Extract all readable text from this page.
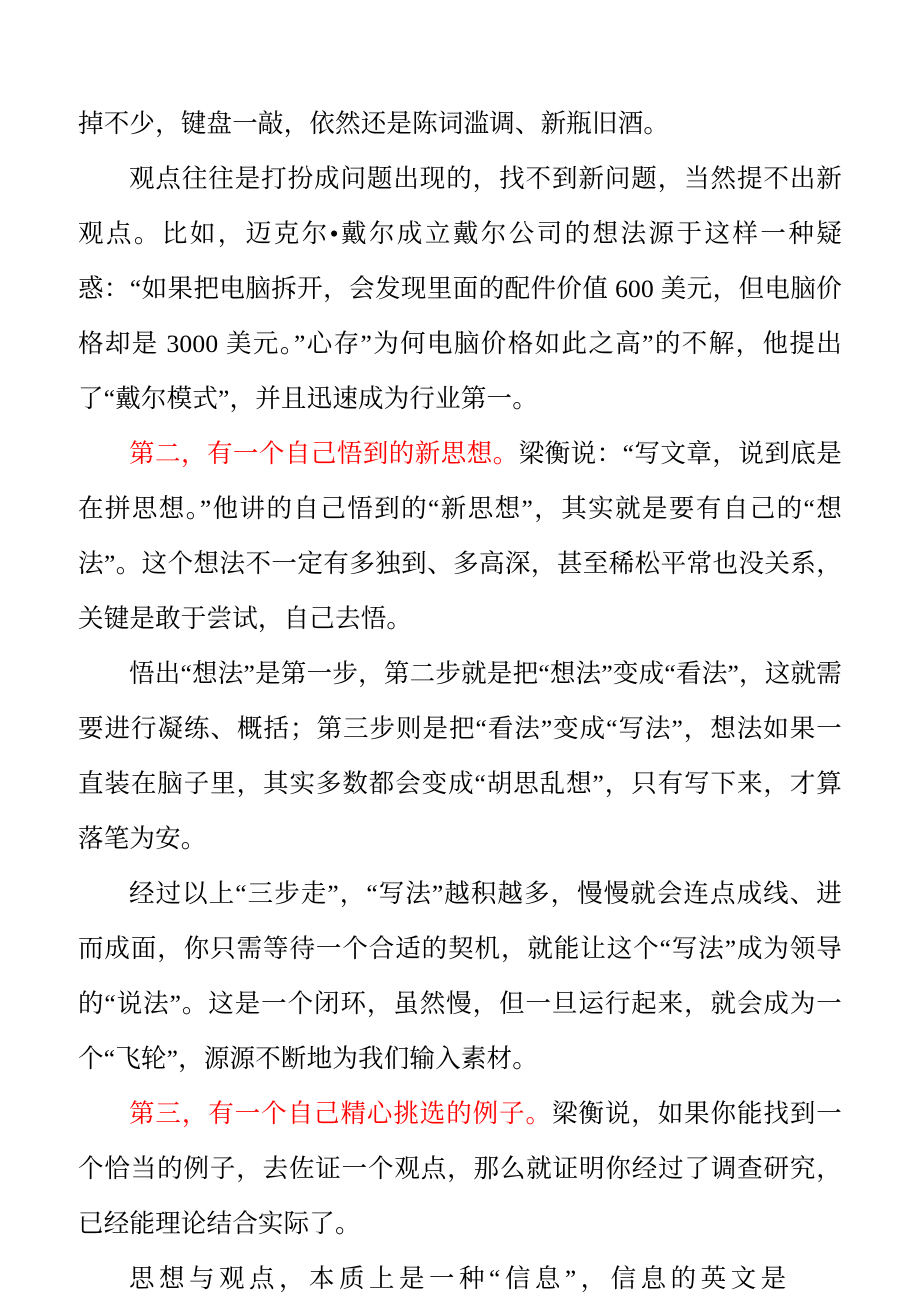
掉不少，键盘一敲，依然还是陈词滥调、新瓶旧酒。

观点往往是打扮成问题出现的，找不到新问题，当然提不出新观点。比如，迈克尔•戴尔成立戴尔公司的想法源于这样一种疑惑：“如果把电脑拆开，会发现里面的配件价值 600 美元，但电脑价格却是 3000 美元。”心存”为何电脑价格如此之高”的不解，他提出了“戴尔模式”，并且迅速成为行业第一。

第二，有一个自己悟到的新思想。梁衡说：“写文章，说到底是在拼思想。”他讲的自己悟到的“新思想”，其实就是要有自己的“想法”。这个想法不一定有多独到、多高深，甚至稀松平常也没关系，关键是敢于尝试，自己去悟。

悟出“想法”是第一步，第二步就是把“想法”变成“看法”，这就需要进行凝练、概括；第三步则是把“看法”变成“写法”，想法如果一直装在脑子里，其实多数都会变成“胡思乱想”，只有写下来，才算落笔为安。

经过以上“三步走”，“写法”越积越多，慢慢就会连点成线、进而成面，你只需等待一个合适的契机，就能让这个“写法”成为领导的“说法”。这是一个闭环，虽然慢，但一旦运行起来，就会成为一个“飞轮”，源源不断地为我们输入素材。

第三，有一个自己精心挑选的例子。梁衡说，如果你能找到一个恰当的例子，去佐证一个观点，那么就证明你经过了调查研究，已经能理论结合实际了。

思想与观点，本质上是一种“信息”，信息的英文是
